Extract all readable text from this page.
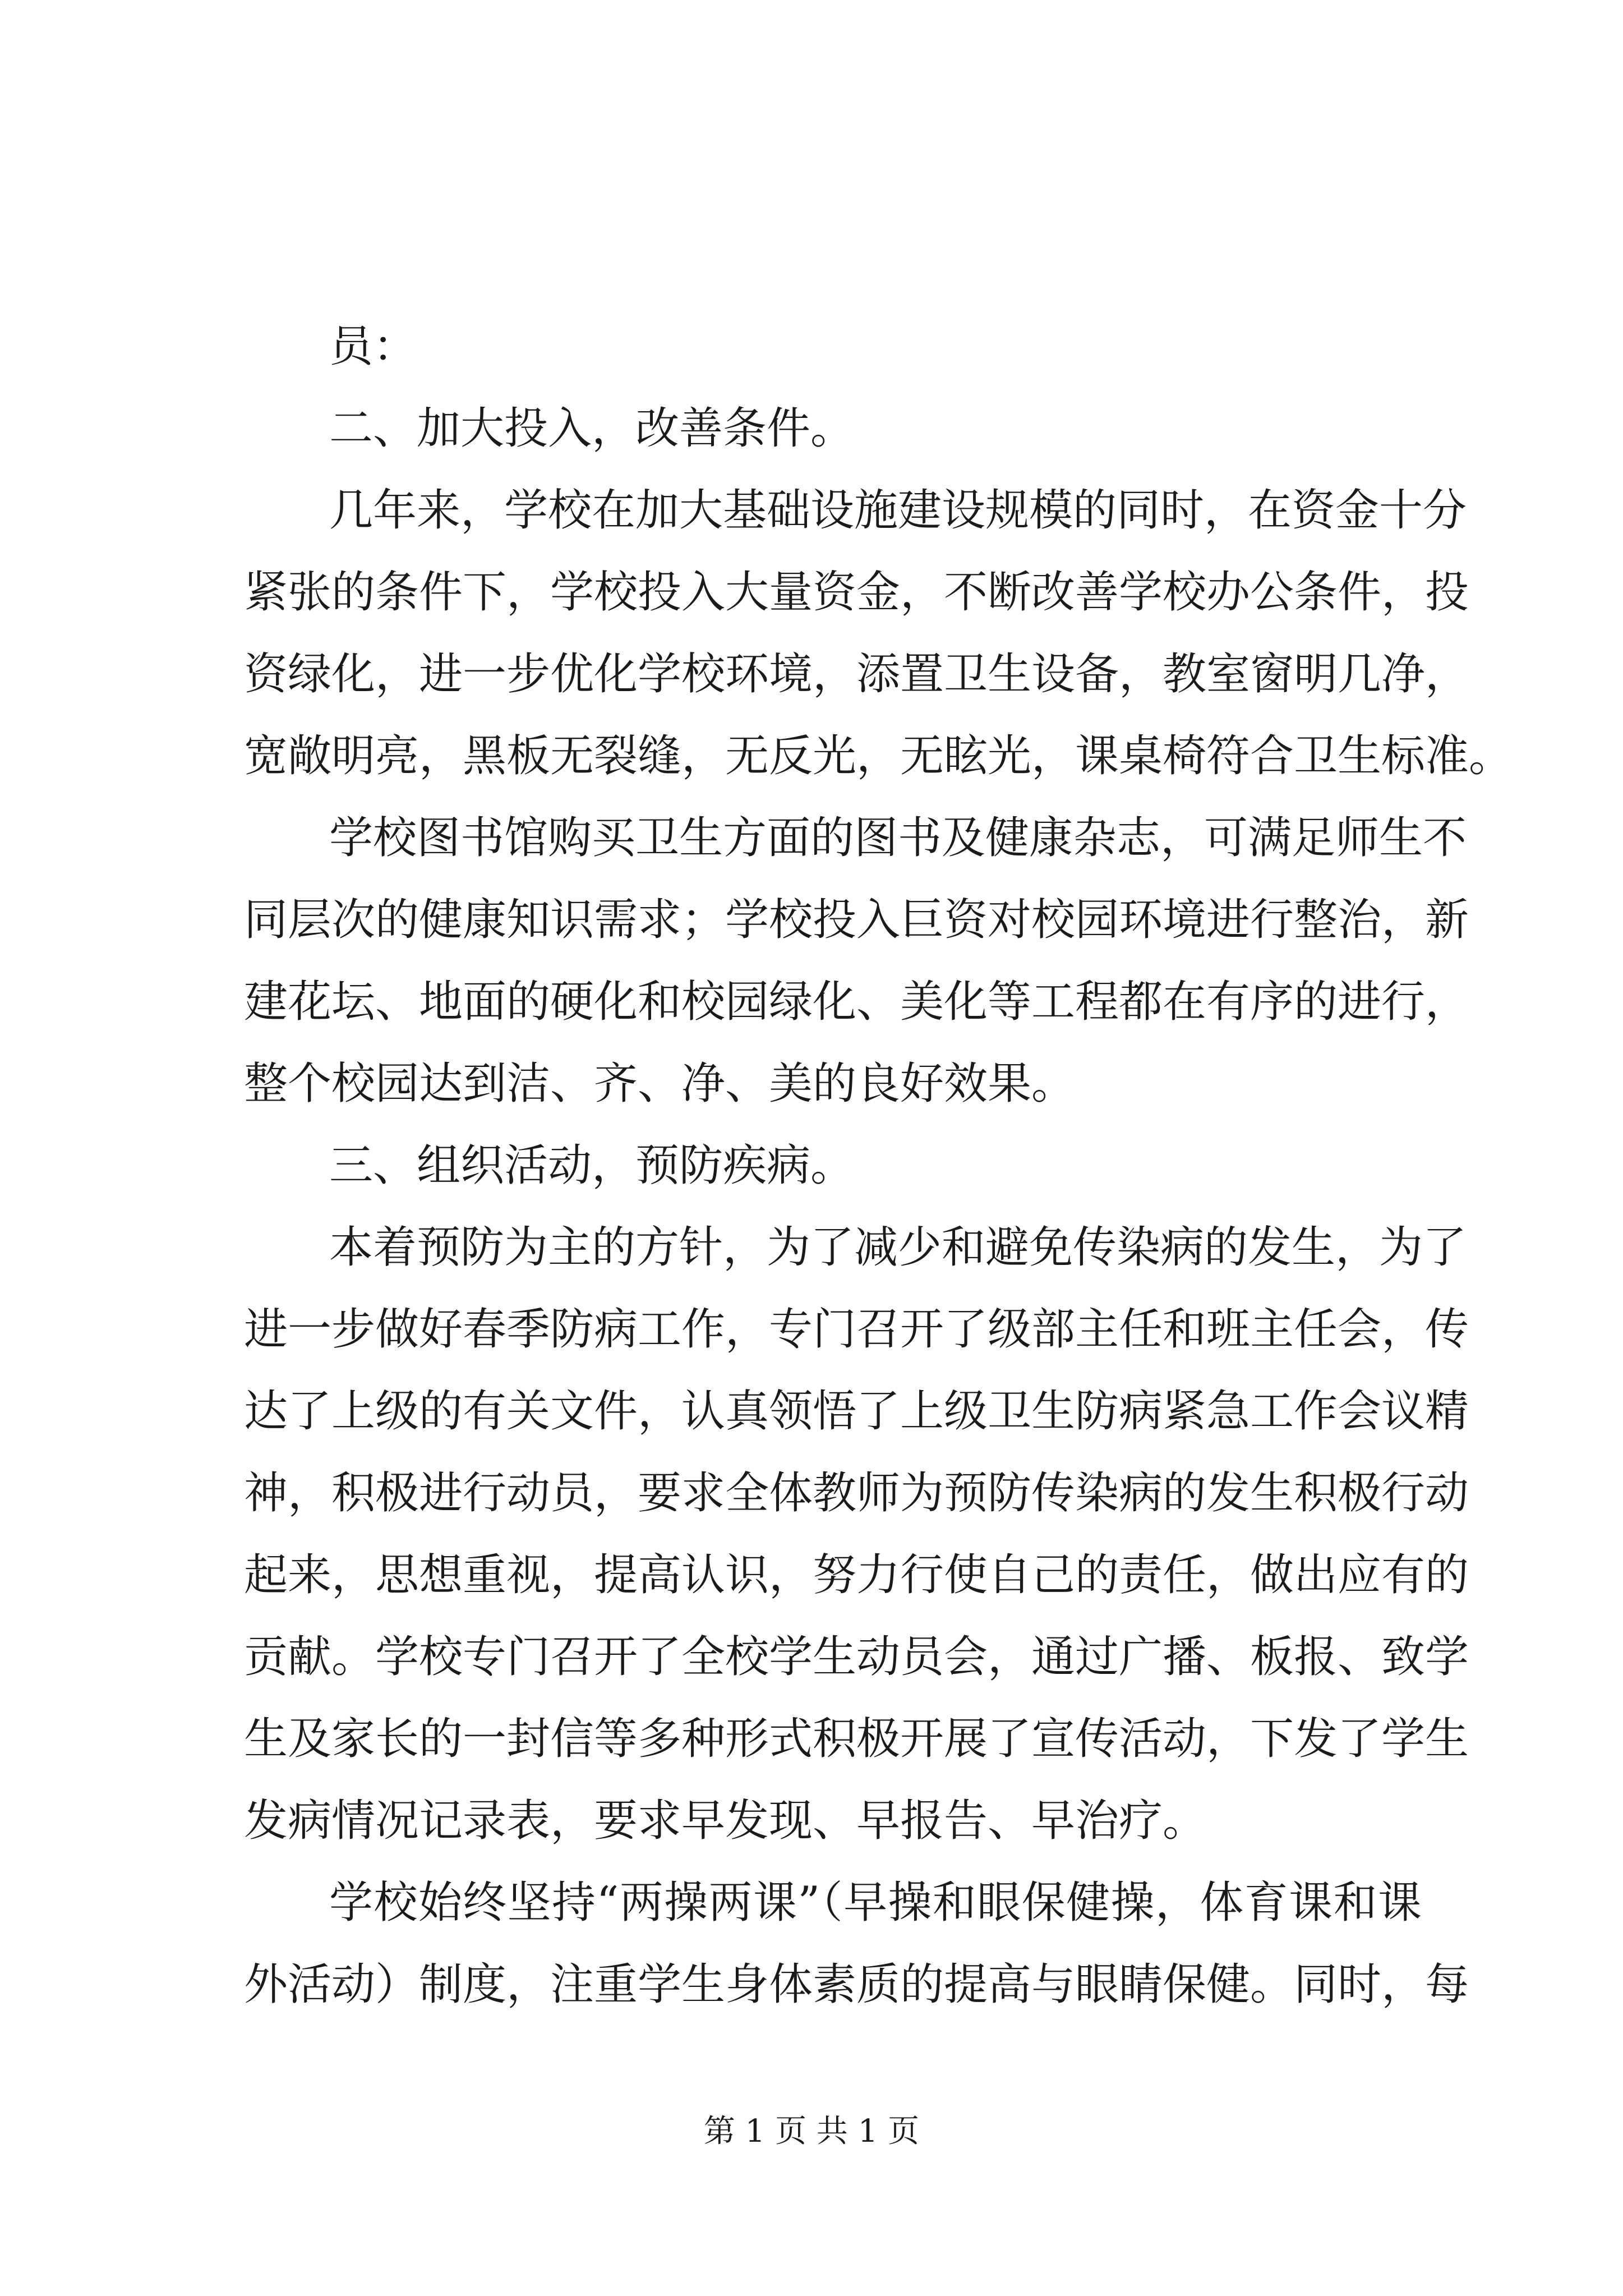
员：
二、加大投入，改善条件。
几年来，学校在加大基础设施建设规模的同时，在资金十分
紧张的条件下，学校投入大量资金，不断改善学校办公条件，投
资绿化，进一步优化学校环境，添置卫生设备，教室窗明几净，
宽敞明亮，黑板无裂缝，无反光，无眩光，课桌椅符合卫生标准。
学校图书馆购买卫生方面的图书及健康杂志，可满足师生不
同层次的健康知识需求；学校投入巨资对校园环境进行整治，新
建花坛、地面的硬化和校园绿化、美化等工程都在有序的进行，
整个校园达到洁、齐、净、美的良好效果。
三、组织活动，预防疾病。
本着预防为主的方针，为了减少和避免传染病的发生，为了
进一步做好春季防病工作，专门召开了级部主任和班主任会，传
达了上级的有关文件，认真领悟了上级卫生防病紧急工作会议精
神，积极进行动员，要求全体教师为预防传染病的发生积极行动
起来，思想重视，提高认识，努力行使自己的责任，做出应有的
贡献。学校专门召开了全校学生动员会，通过广播、板报、致学
生及家长的一封信等多种形式积极开展了宣传活动，下发了学生
发病情况记录表，要求早发现、早报告、早治疗。
学校始终坚持“两操两课”（早操和眼保健操，体育课和课
外活动）制度，注重学生身体素质的提高与眼睛保健。同时，每
第 1 页 共 1 页
